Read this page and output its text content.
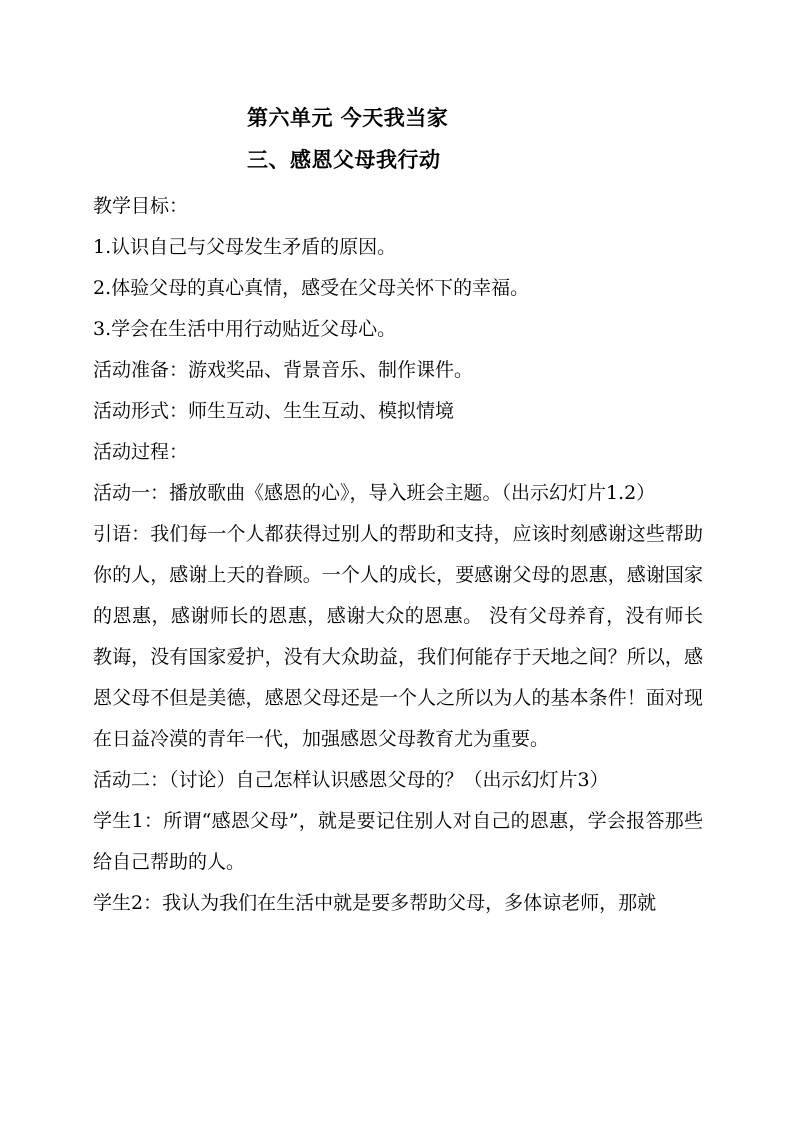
第六单元 今天我当家
三、感恩父母我行动

教学目标：

1.认识自己与父母发生矛盾的原因。

2.体验父母的真心真情，感受在父母关怀下的幸福。

3.学会在生活中用行动贴近父母心。

活动准备：游戏奖品、背景音乐、制作课件。

活动形式：师生互动、生生互动、模拟情境

活动过程：

活动一：播放歌曲《感恩的心》，导入班会主题。（出示幻灯片1.2）

引语：我们每一个人都获得过别人的帮助和支持，应该时刻感谢这些帮助你的人，感谢上天的眷顾。一个人的成长，要感谢父母的恩惠，感谢国家的恩惠，感谢师长的恩惠，感谢大众的恩惠。 没有父母养育，没有师长教诲，没有国家爱护，没有大众助益，我们何能存于天地之间？所以，感恩父母不但是美德，感恩父母还是一个人之所以为人的基本条件！面对现在日益冷漠的青年一代，加强感恩父母教育尤为重要。

活动二：（讨论）自己怎样认识感恩父母的？（出示幻灯片3）

学生1：所谓“感恩父母”，就是要记住别人对自己的恩惠，学会报答那些给自己帮助的人。

学生2：我认为我们在生活中就是要多帮助父母，多体谅老师，那就
